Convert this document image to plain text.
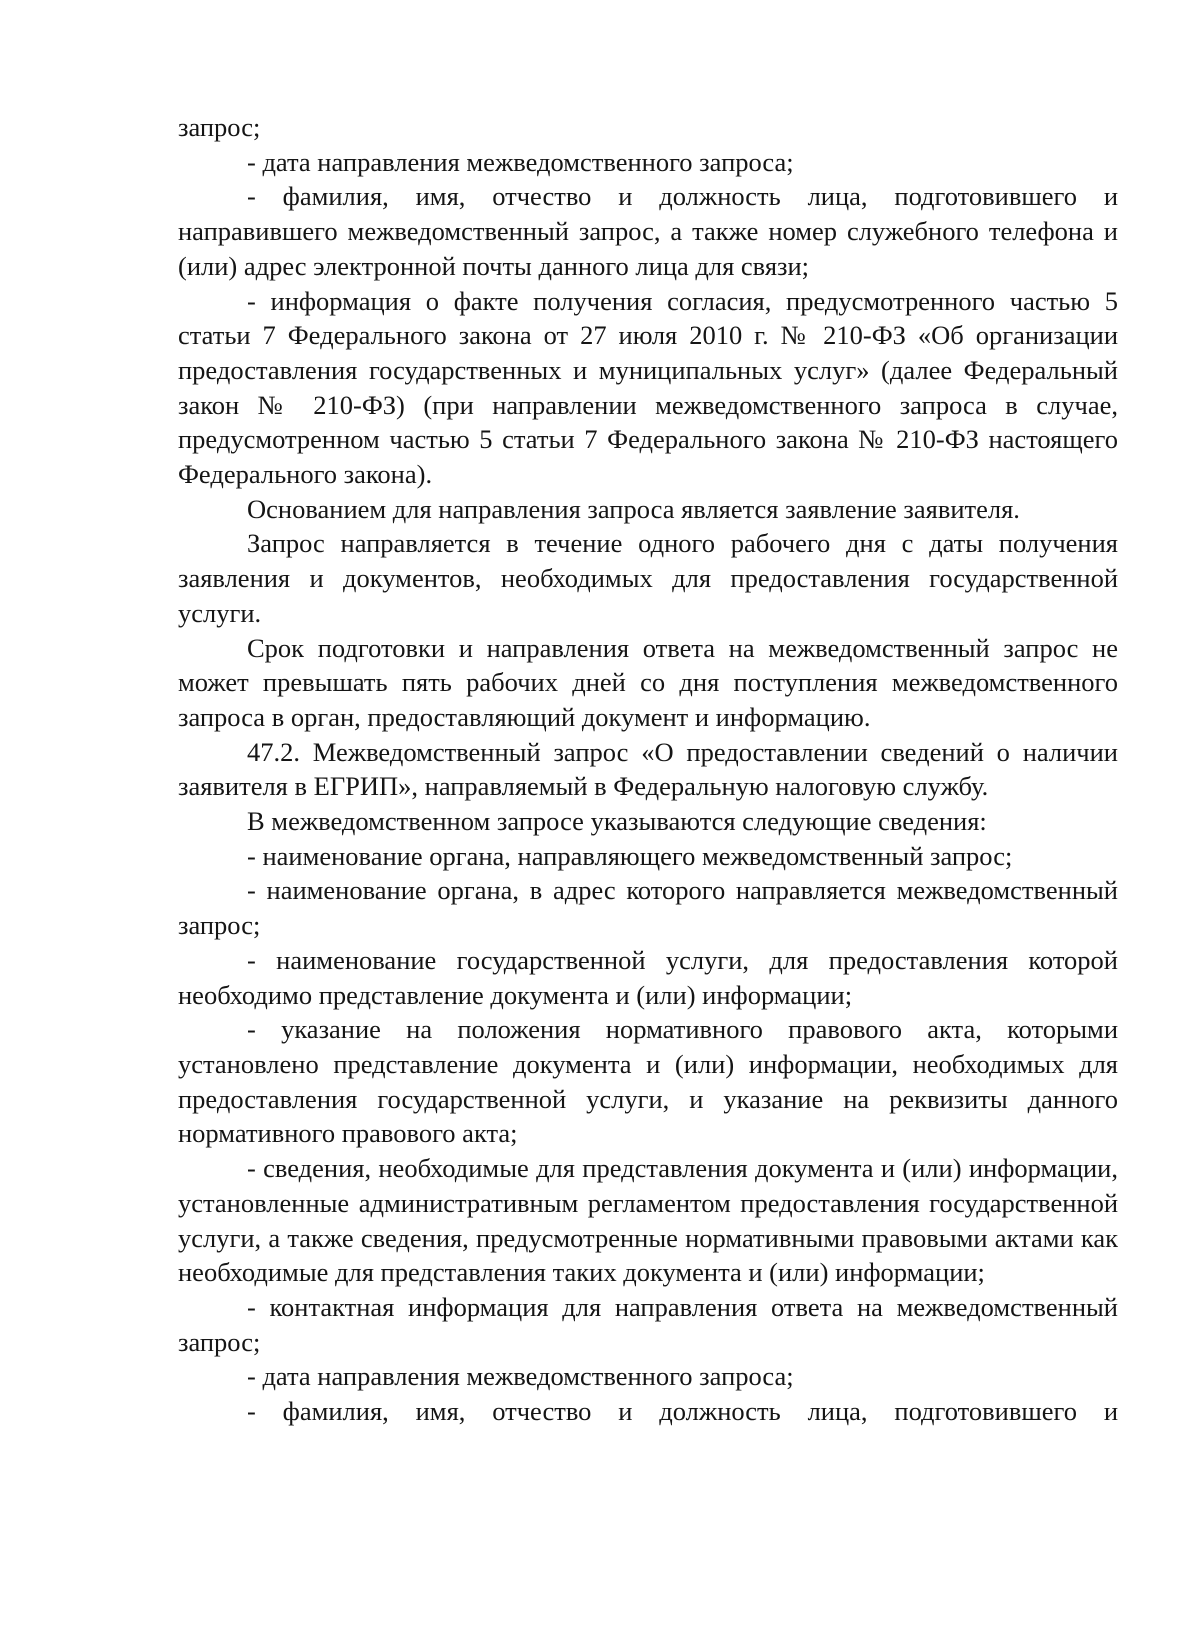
запрос;

- дата направления межведомственного запроса;

- фамилия, имя, отчество и должность лица, подготовившего и направившего межведомственный запрос, а также номер служебного телефона и (или) адрес электронной почты данного лица для связи;

- информация о факте получения согласия, предусмотренного частью 5 статьи 7 Федерального закона от 27 июля 2010 г. № 210-ФЗ «Об организации предоставления государственных и муниципальных услуг» (далее Федеральный закон № 210-ФЗ) (при направлении межведомственного запроса в случае, предусмотренном частью 5 статьи 7 Федерального закона № 210-ФЗ настоящего Федерального закона).

Основанием для направления запроса является заявление заявителя.

Запрос направляется в течение одного рабочего дня с даты получения заявления и документов, необходимых для предоставления государственной услуги.

Срок подготовки и направления ответа на межведомственный запрос не может превышать пять рабочих дней со дня поступления межведомственного запроса в орган, предоставляющий документ и информацию.

47.2. Межведомственный запрос «О предоставлении сведений о наличии заявителя в ЕГРИП», направляемый в Федеральную налоговую службу.

В межведомственном запросе указываются следующие сведения:

- наименование органа, направляющего межведомственный запрос;

- наименование органа, в адрес которого направляется межведомственный запрос;

- наименование государственной услуги, для предоставления которой необходимо представление документа и (или) информации;

- указание на положения нормативного правового акта, которыми установлено представление документа и (или) информации, необходимых для предоставления государственной услуги, и указание на реквизиты данного нормативного правового акта;

- сведения, необходимые для представления документа и (или) информации, установленные административным регламентом предоставления государственной услуги, а также сведения, предусмотренные нормативными правовыми актами как необходимые для представления таких документа и (или) информации;

- контактная информация для направления ответа на межведомственный запрос;

- дата направления межведомственного запроса;

- фамилия, имя, отчество и должность лица, подготовившего и
